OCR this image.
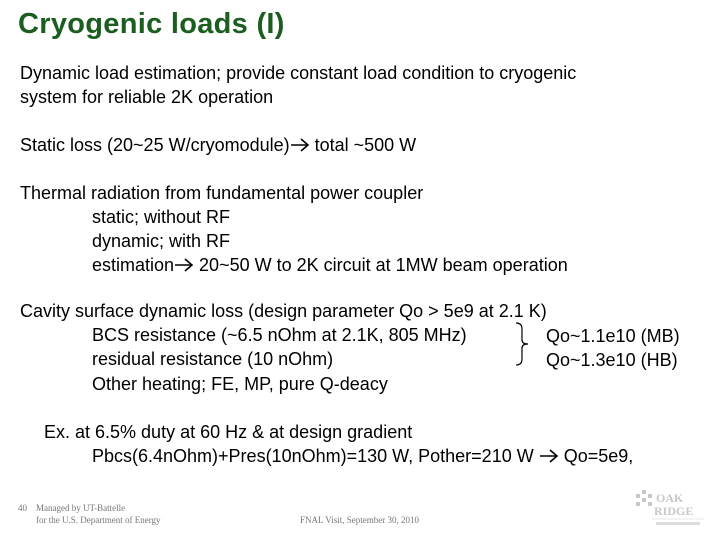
Cryogenic loads (I)
Dynamic load estimation; provide constant load condition to cryogenic
system for reliable 2K operation
Static loss (20~25 W/cryomodule) total ~500 W
Thermal radiation from fundamental power coupler
static; without RF
dynamic; with RF
estimation 20~50 W to 2K circuit at 1MW beam operation
Cavity surface dynamic loss (design parameter Qo > 5e9 at 2.1 K)
BCS resistance (~6.5 nOhm at 2.1K, 805 MHz)
residual resistance (10 nOhm)
Other heating; FE, MP, pure Q-deacy
Qo~1.1e10 (MB)
Qo~1.3e10 (HB)
Ex. at 6.5% duty at 60 Hz & at design gradient
Pbcs(6.4nOhm)+Pres(10nOhm)=130 W, Pother=210 W  Qo=5e9,
40 Managed by UT-Battelle
for the U.S. Department of Energy	FNAL Visit, September 30, 2010
OAK
RIDGE
